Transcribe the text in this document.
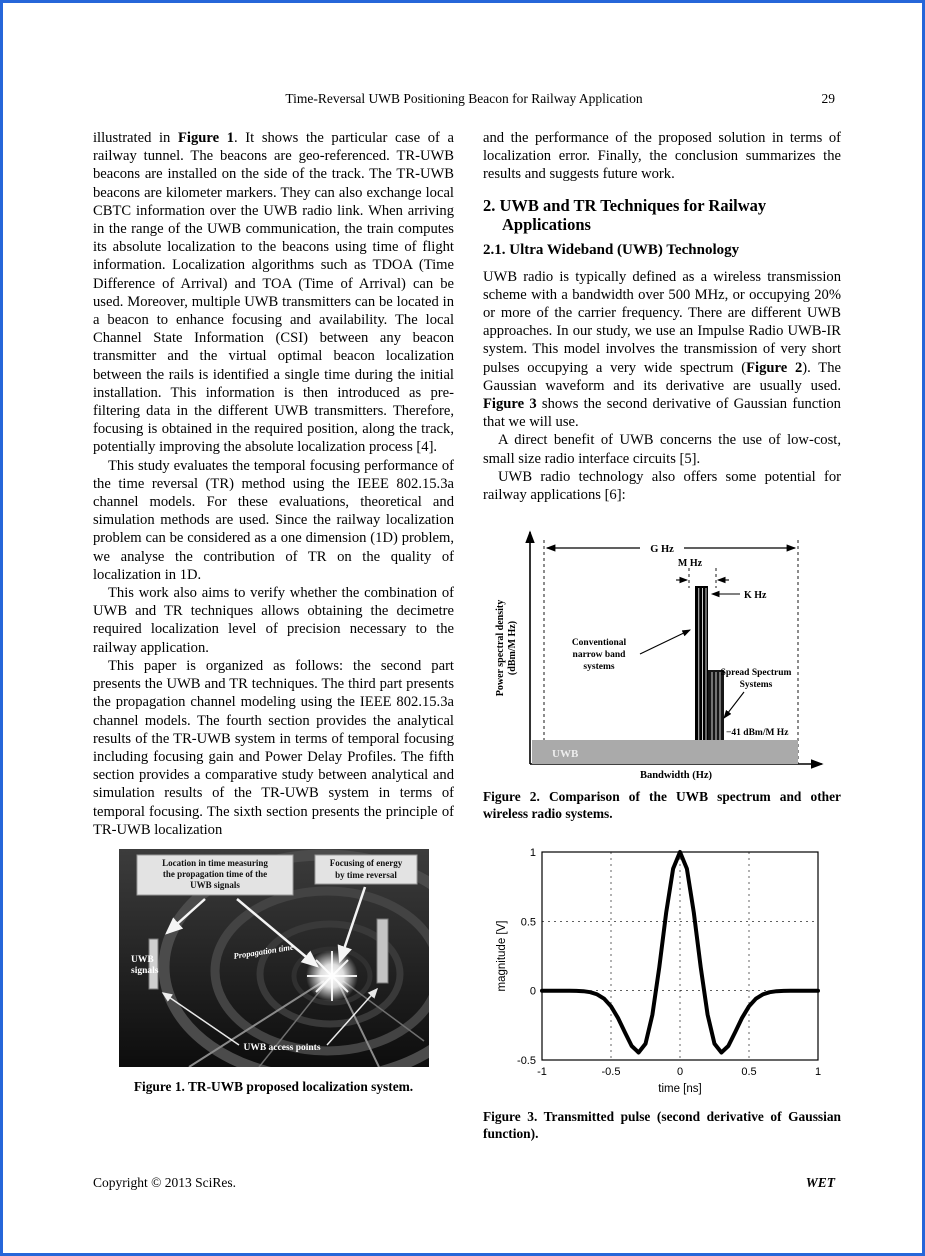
Time-Reversal UWB Positioning Beacon for Railway Application	29

illustrated in Figure 1. It shows the particular case of a railway tunnel. The beacons are geo-referenced. TR-UWB beacons are installed on the side of the track. The TR-UWB beacons are kilometer markers. They can also exchange local CBTC information over the UWB radio link. When arriving in the range of the UWB communication, the train computes its absolute localization to the beacons using time of flight information. Localization algorithms such as TDOA (Time Difference of Arrival) and TOA (Time of Arrival) can be used. Moreover, multiple UWB transmitters can be located in a beacon to enhance focusing and availability. The local Channel State Information (CSI) between any beacon transmitter and the virtual optimal beacon localization between the rails is identified a single time during the initial installation. This information is then introduced as pre-filtering data in the different UWB transmitters. Therefore, focusing is obtained in the required position, along the track, potentially improving the absolute localization process [4].

This study evaluates the temporal focusing performance of the time reversal (TR) method using the IEEE 802.15.3a channel models. For these evaluations, theoretical and simulation methods are used. Since the railway localization problem can be considered as a one dimension (1D) problem, we analyse the contribution of TR on the quality of localization in 1D.

This work also aims to verify whether the combination of UWB and TR techniques allows obtaining the decimetre required localization level of precision necessary to the railway application.

This paper is organized as follows: the second part presents the UWB and TR techniques. The third part presents the propagation channel modeling using the IEEE 802.15.3a channel models. The fourth section provides the analytical results of the TR-UWB system in terms of temporal focusing including focusing gain and Power Delay Profiles. The fifth section provides a comparative study between analytical and simulation results of the TR-UWB system in terms of temporal focusing. The sixth section presents the principle of TR-UWB localization

Location in time measuring
the propagation time of the
UWB signals
Focusing of energy
by time reversal
UWB
signals
Propagation time
UWB access points

Figure 1. TR-UWB proposed localization system.

and the performance of the proposed solution in terms of localization error. Finally, the conclusion summarizes the results and suggests future work.

2. UWB and TR Techniques for Railway Applications
2.1. Ultra Wideband (UWB) Technology

UWB radio is typically defined as a wireless transmission scheme with a bandwidth over 500 MHz, or occupying 20% or more of the carrier frequency. There are different UWB approaches. In our study, we use an Impulse Radio UWB-IR system. This model involves the transmission of very short pulses occupying a very wide spectrum (Figure 2). The Gaussian waveform and its derivative are usually used. Figure 3 shows the second derivative of Gaussian function that we will use.

A direct benefit of UWB concerns the use of low-cost, small size radio interface circuits [5].

UWB radio technology also offers some potential for railway applications [6]:

G Hz
M Hz
K Hz
UWB
−41 dBm/M Hz
Conventional
narrow band
systems
Spread Spectrum
Systems
Power spectral density (dBm/M Hz)
Bandwidth (Hz)

Figure 2. Comparison of the UWB spectrum and other wireless radio systems.

-1	-0.5	0	0.5	1
-0.5
0
0.5
1
time [ns]
magnitude [V]

Figure 3. Transmitted pulse (second derivative of Gaussian function).

Copyright © 2013 SciRes.	WET
